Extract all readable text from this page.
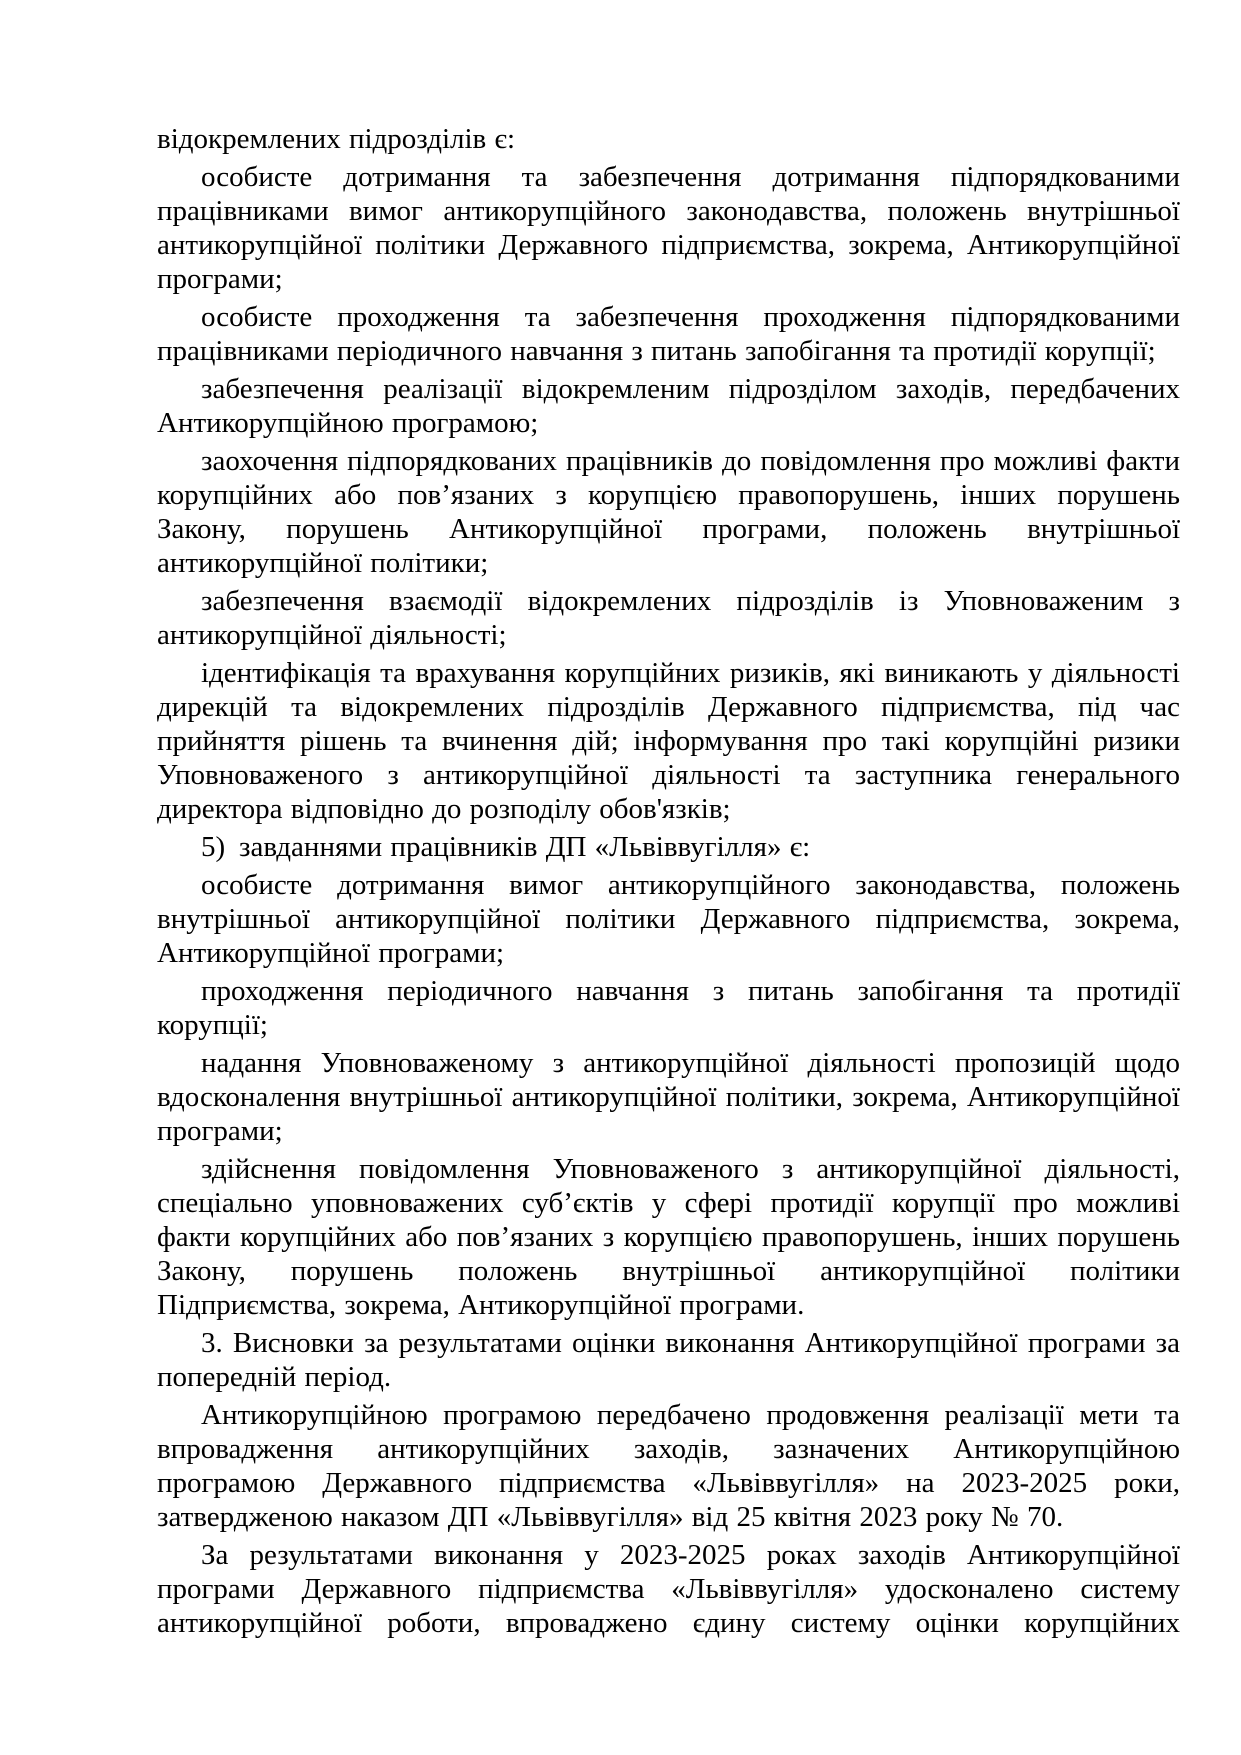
відокремлених підрозділів є:

особисте дотримання та забезпечення дотримання підпорядкованими працівниками вимог антикорупційного законодавства, положень внутрішньої антикорупційної політики Державного підприємства, зокрема, Антикорупційної програми;

особисте проходження та забезпечення проходження підпорядкованими працівниками періодичного навчання з питань запобігання та протидії корупції;

забезпечення реалізації відокремленим підрозділом заходів, передбачених Антикорупційною програмою;

заохочення підпорядкованих працівників до повідомлення про можливі факти корупційних або пов’язаних з корупцією правопорушень, інших порушень Закону, порушень Антикорупційної програми, положень внутрішньої антикорупційної політики;

забезпечення взаємодії відокремлених підрозділів із Уповноваженим з антикорупційної діяльності;

ідентифікація та врахування корупційних ризиків, які виникають у діяльності дирекцій та відокремлених підрозділів Державного підприємства, під час прийняття рішень та вчинення дій; інформування про такі корупційні ризики Уповноваженого з антикорупційної діяльності та заступника генерального директора відповідно до розподілу обов'язків;

5) завданнями працівників ДП «Львіввугілля» є:

особисте дотримання вимог антикорупційного законодавства, положень внутрішньої антикорупційної політики Державного підприємства, зокрема, Антикорупційної програми;

проходження періодичного навчання з питань запобігання та протидії корупції;

надання Уповноваженому з антикорупційної діяльності пропозицій щодо вдосконалення внутрішньої антикорупційної політики, зокрема, Антикорупційної програми;

здійснення повідомлення Уповноваженого з антикорупційної діяльності, спеціально уповноважених суб’єктів у сфері протидії корупції про можливі факти корупційних або пов’язаних з корупцією правопорушень, інших порушень Закону, порушень положень внутрішньої антикорупційної політики Підприємства, зокрема, Антикорупційної програми.

3. Висновки за результатами оцінки виконання Антикорупційної програми за попередній період.

Антикорупційною програмою передбачено продовження реалізації мети та впровадження антикорупційних заходів, зазначених Антикорупційною програмою Державного підприємства «Львіввугілля» на 2023-2025 роки, затвердженою наказом ДП «Львіввугілля» від 25 квітня 2023 року № 70.

За результатами виконання у 2023-2025 роках заходів Антикорупційної програми Державного підприємства «Львіввугілля» удосконалено систему антикорупційної роботи, впроваджено єдину систему оцінки корупційних
